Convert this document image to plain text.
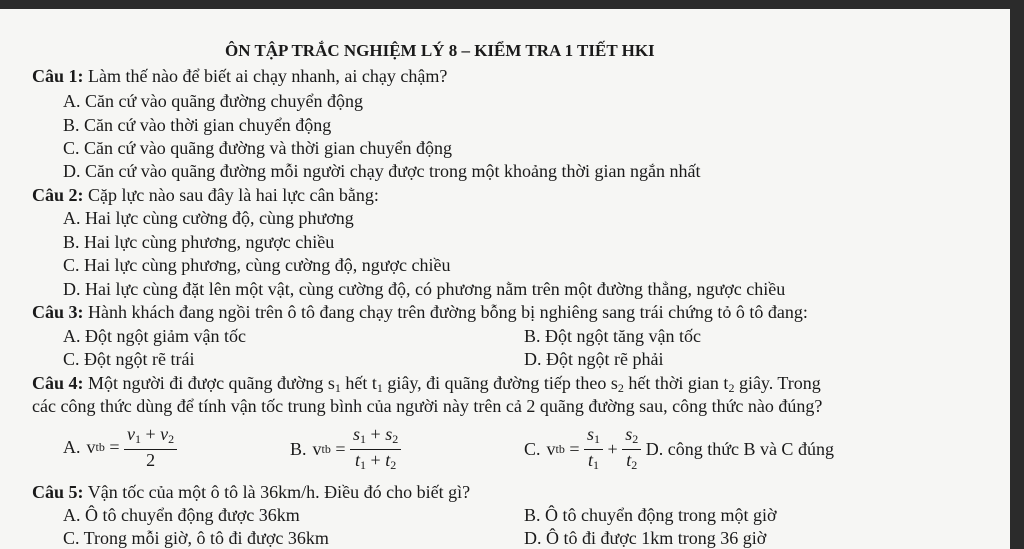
ÔN TẬP TRẮC NGHIỆM LÝ 8 – KIỂM TRA 1 TIẾT HKI
Câu 1: Làm thế nào để biết ai chạy nhanh, ai chạy chậm?
A. Căn cứ vào quãng đường chuyển động
B. Căn cứ vào thời gian chuyển động
C. Căn cứ vào quãng đường và thời gian chuyển động
D. Căn cứ vào quãng đường mỗi người chạy được trong một khoảng thời gian ngắn nhất
Câu 2: Cặp lực nào sau đây là hai lực cân bằng:
A. Hai lực cùng cường độ, cùng phương
B. Hai lực cùng phương, ngược chiều
C. Hai lực cùng phương, cùng cường độ, ngược chiều
D. Hai lực cùng đặt lên một vật, cùng cường độ, có phương nằm trên một đường thẳng, ngược chiều
Câu 3: Hành khách đang ngồi trên ô tô đang chạy trên đường bỗng bị nghiêng sang trái chứng tỏ ô tô đang:
A. Đột ngột giảm vận tốc	B. Đột ngột tăng vận tốc
C. Đột ngột rẽ trái	D. Đột ngột rẽ phải
Câu 4: Một người đi được quãng đường $s_1$ hết $t_1$ giây, đi quãng đường tiếp theo $s_2$ hết thời gian $t_2$ giây. Trong
các công thức dùng để tính vận tốc trung bình của người này trên cả 2 quãng đường sau, công thức nào đúng?
A. v tb
=
$\frac{v_1 + v_2}{2}$	B. v tb
=
$\frac{s_1 + s_2}{t_1 + t_2}$	C. v tb
=
$\frac{s_1}{t_1}$
+
$\frac{s_2}{t_2}$
D. công thức B và C đúng
Câu 5: Vận tốc của một ô tô là 36km/h. Điều đó cho biết gì?
A. Ô tô chuyển động được 36km	B. Ô tô chuyển động trong một giờ
C. Trong mỗi giờ, ô tô đi được 36km	D. Ô tô đi được 1km trong 36 giờ
